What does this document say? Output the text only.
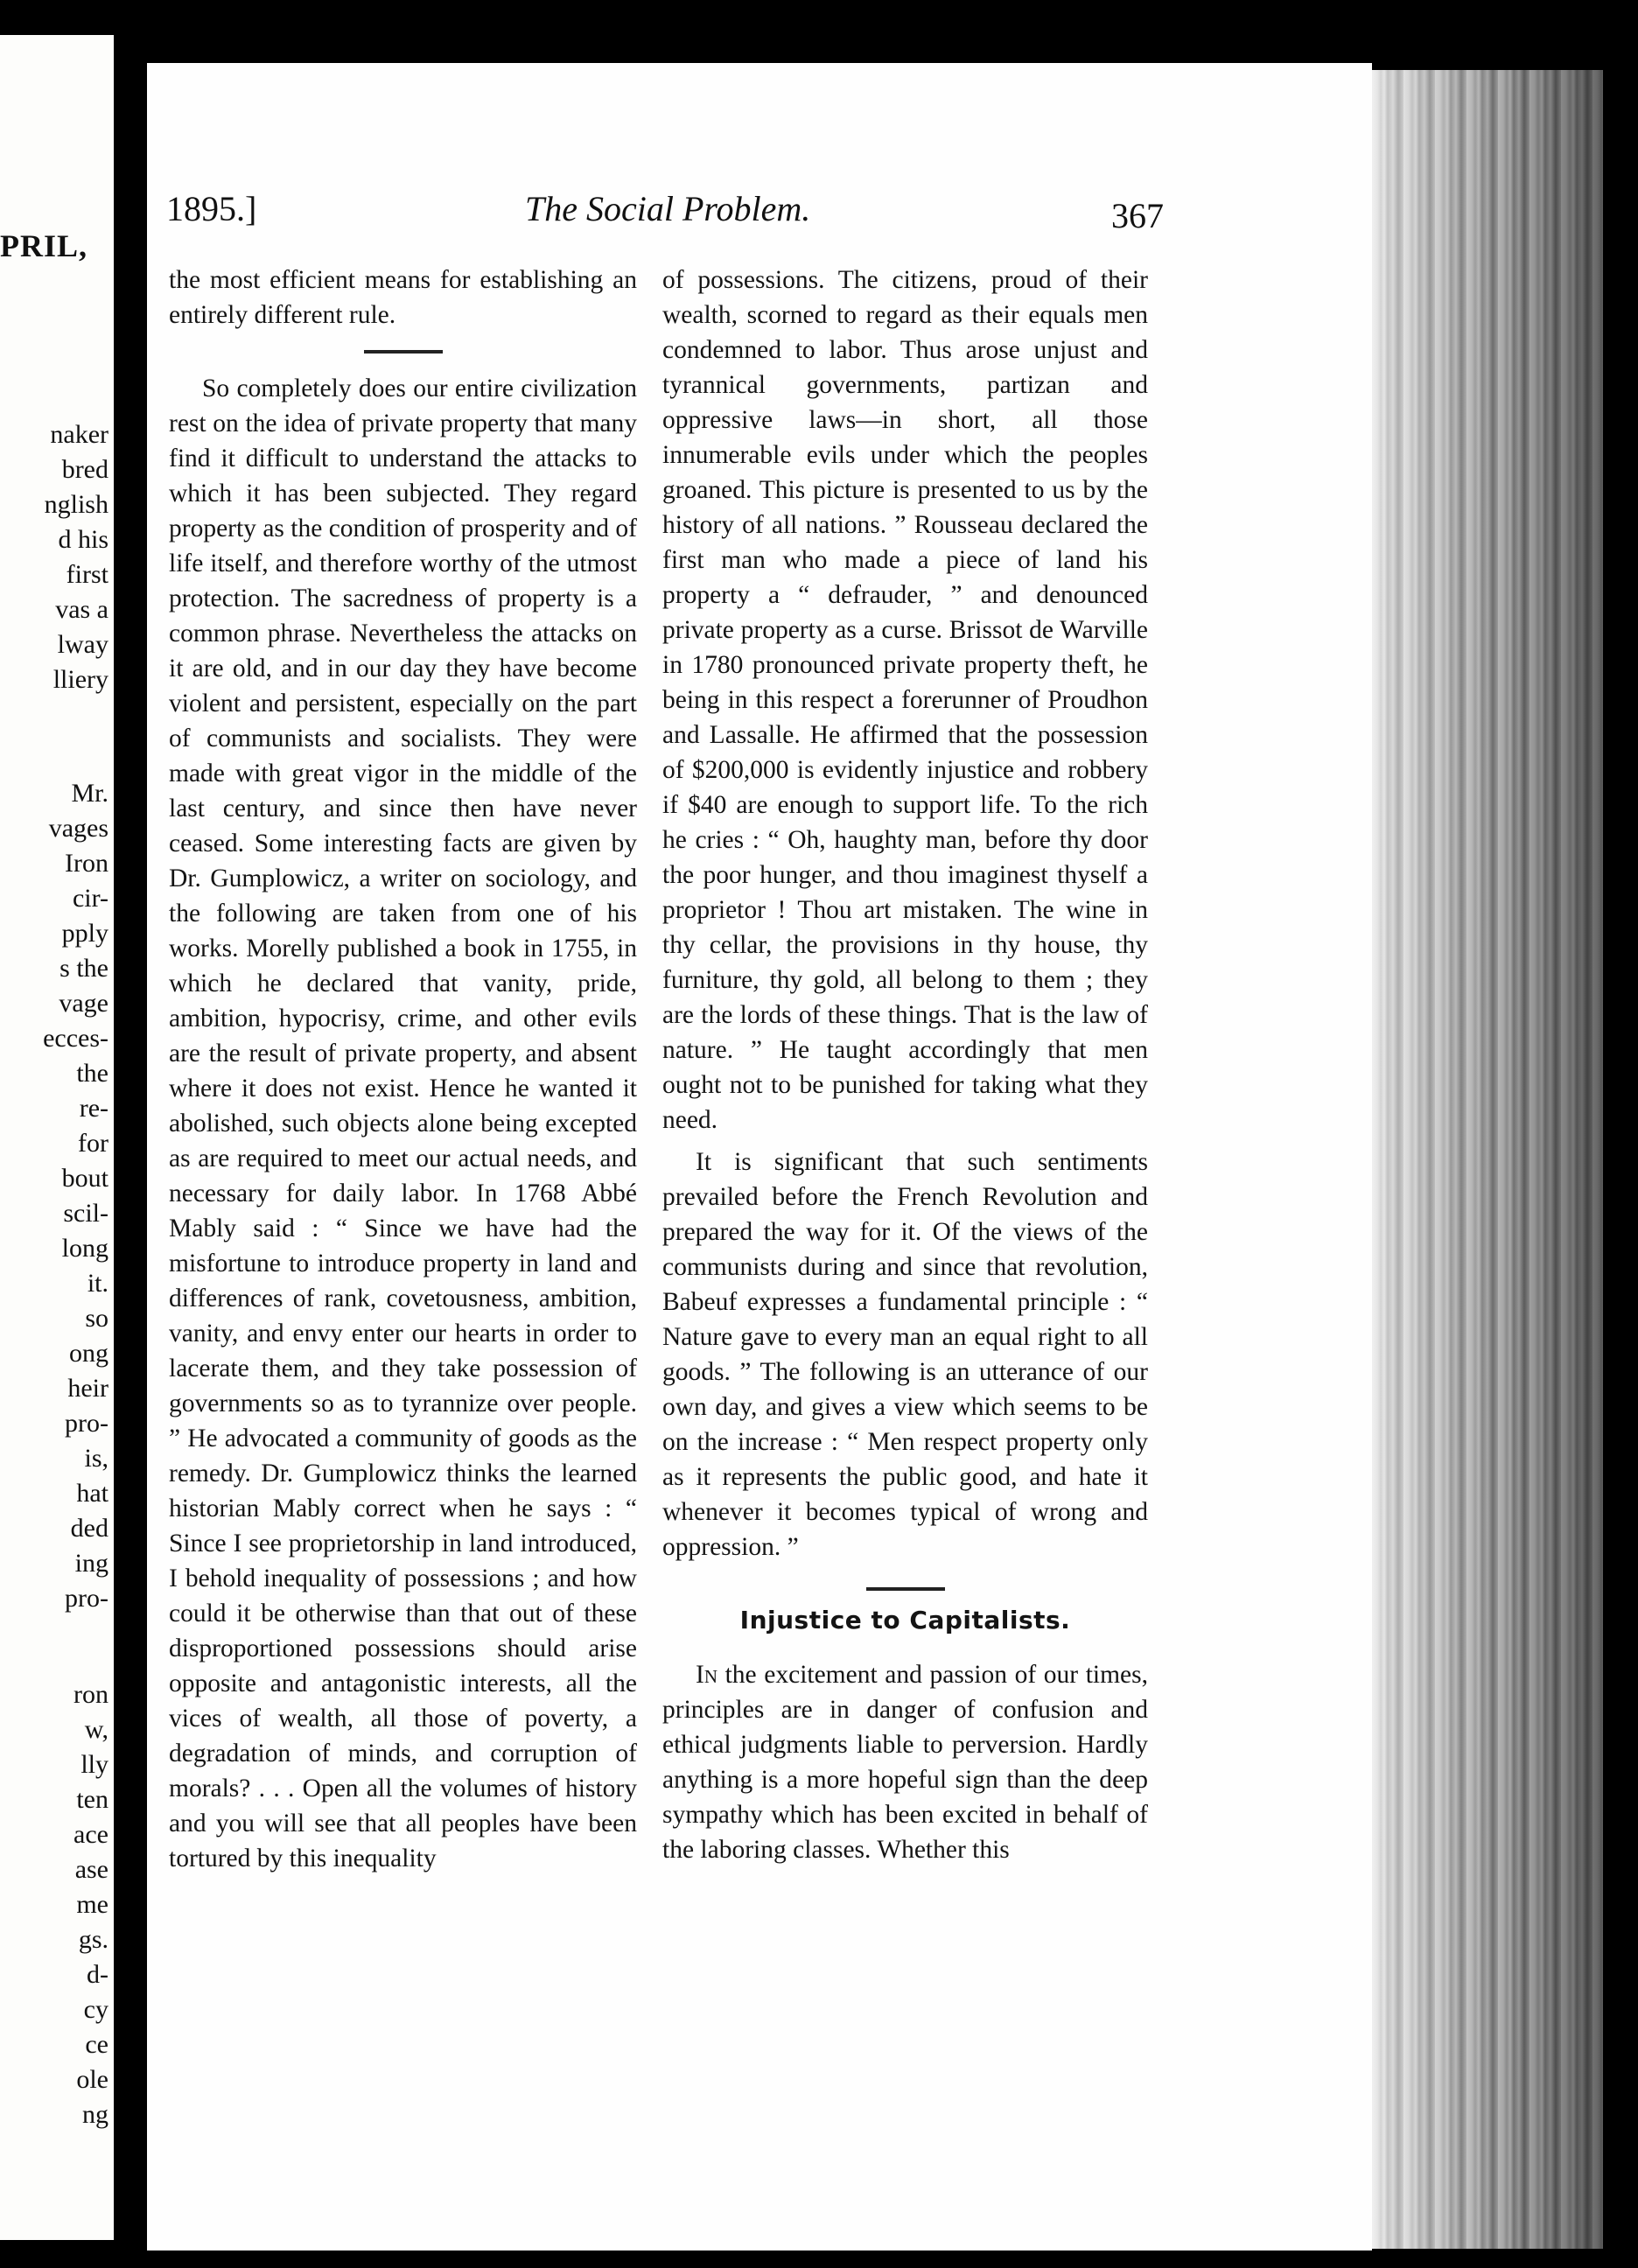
PRIL,
naker
bred
nglish
d his
first
vas a
lway
lliery
Mr.
vages
Iron
cir-
pply
s the
vage
ecces-
the
re-
for
bout
scil-
long
it.
so
ong
heir
pro-
is,
hat
ded
ing
pro-
ron
w,
lly
ten
ace
ase
me
gs.
d-
cy
ce
ole
ng
1895.]	The Social Problem.	367

the most efficient means for establishing an entirely different rule.

So completely does our entire civilization rest on the idea of private property that many find it difficult to understand the attacks to which it has been subjected. They regard property as the condition of prosperity and of life itself, and therefore worthy of the utmost protection. The sacredness of property is a common phrase. Nevertheless the attacks on it are old, and in our day they have become violent and persistent, especially on the part of communists and socialists. They were made with great vigor in the middle of the last century, and since then have never ceased. Some interesting facts are given by Dr. Gumplowicz, a writer on sociology, and the following are taken from one of his works. Morelly published a book in 1755, in which he declared that vanity, pride, ambition, hypocrisy, crime, and other evils are the result of private property, and absent where it does not exist. Hence he wanted it abolished, such objects alone being excepted as are required to meet our actual needs, and necessary for daily labor. In 1768 Abbé Mably said : “ Since we have had the misfortune to introduce property in land and differences of rank, covetousness, ambition, vanity, and envy enter our hearts in order to lacerate them, and they take possession of governments so as to tyrannize over people. ” He advocated a community of goods as the remedy. Dr. Gumplowicz thinks the learned historian Mably correct when he says : “ Since I see proprietorship in land introduced, I behold inequality of possessions ; and how could it be otherwise than that out of these disproportioned possessions should arise opposite and antagonistic interests, all the vices of wealth, all those of poverty, a degradation of minds, and corruption of morals? . . . Open all the volumes of history and you will see that all peoples have been tortured by this inequality

of possessions. The citizens, proud of their wealth, scorned to regard as their equals men condemned to labor. Thus arose unjust and tyrannical governments, partizan and oppressive laws—in short, all those innumerable evils under which the peoples groaned. This picture is presented to us by the history of all nations. ” Rousseau declared the first man who made a piece of land his property a “ defrauder, ” and denounced private property as a curse. Brissot de Warville in 1780 pronounced private property theft, he being in this respect a forerunner of Proudhon and Lassalle. He affirmed that the possession of $200,000 is evidently injustice and robbery if $40 are enough to support life. To the rich he cries : “ Oh, haughty man, before thy door the poor hunger, and thou imaginest thyself a proprietor ! Thou art mistaken. The wine in thy cellar, the provisions in thy house, thy furniture, thy gold, all belong to them ; they are the lords of these things. That is the law of nature. ” He taught accordingly that men ought not to be punished for taking what they need.

It is significant that such sentiments prevailed before the French Revolution and prepared the way for it. Of the views of the communists during and since that revolution, Babeuf expresses a fundamental principle : “ Nature gave to every man an equal right to all goods. ” The following is an utterance of our own day, and gives a view which seems to be on the increase : “ Men respect property only as it represents the public good, and hate it whenever it becomes typical of wrong and oppression. ”

Injustice to Capitalists.

In the excitement and passion of our times, principles are in danger of confusion and ethical judgments liable to perversion. Hardly anything is a more hopeful sign than the deep sympathy which has been excited in behalf of the laboring classes. Whether this
